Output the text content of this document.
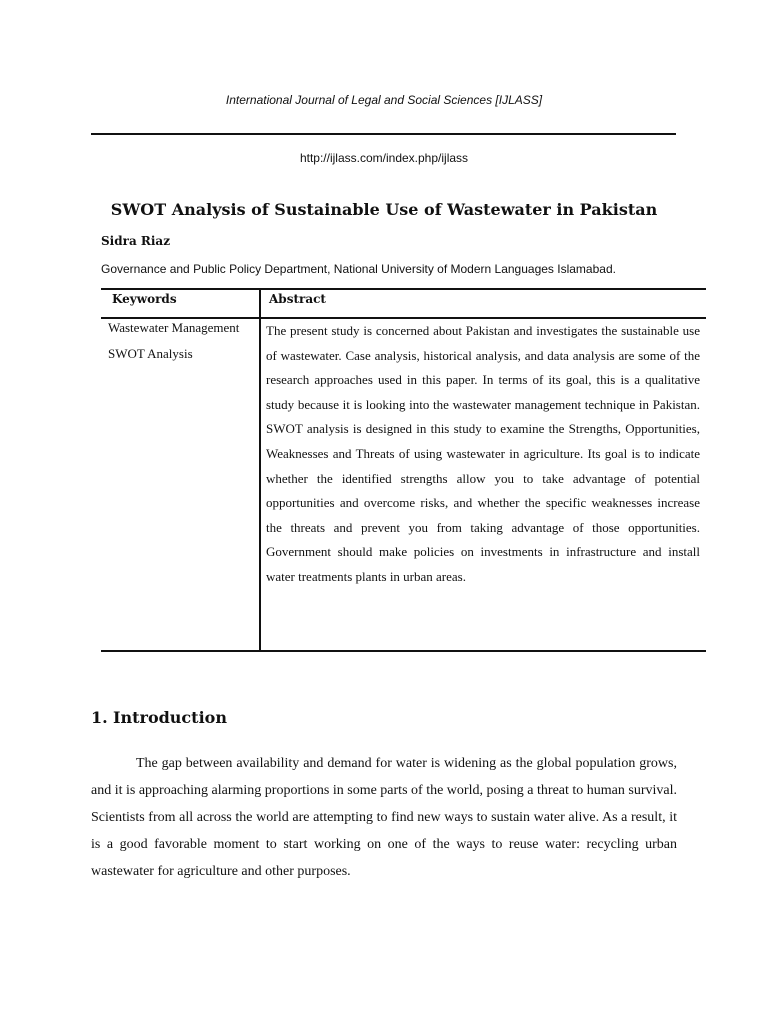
International Journal of Legal and Social Sciences [IJLASS]
http://ijlass.com/index.php/ijlass
SWOT Analysis of Sustainable Use of Wastewater in Pakistan
Sidra Riaz
Governance and Public Policy Department, National University of Modern Languages Islamabad.
Keywords	Abstract
Wastewater Management
SWOT Analysis
The present study is concerned about Pakistan and investigates the sustainable use of wastewater. Case analysis, historical analysis, and data analysis are some of the research approaches used in this paper. In terms of its goal, this is a qualitative study because it is looking into the wastewater management technique in Pakistan. SWOT analysis is designed in this study to examine the Strengths, Opportunities, Weaknesses and Threats of using wastewater in agriculture. Its goal is to indicate whether the identified strengths allow you to take advantage of potential opportunities and overcome risks, and whether the specific weaknesses increase the threats and prevent you from taking advantage of those opportunities. Government should make policies on investments in infrastructure and install water treatments plants in urban areas.
1. Introduction
The gap between availability and demand for water is widening as the global population grows, and it is approaching alarming proportions in some parts of the world, posing a threat to human survival. Scientists from all across the world are attempting to find new ways to sustain water alive. As a result, it is a good favorable moment to start working on one of the ways to reuse water: recycling urban wastewater for agriculture and other purposes.
